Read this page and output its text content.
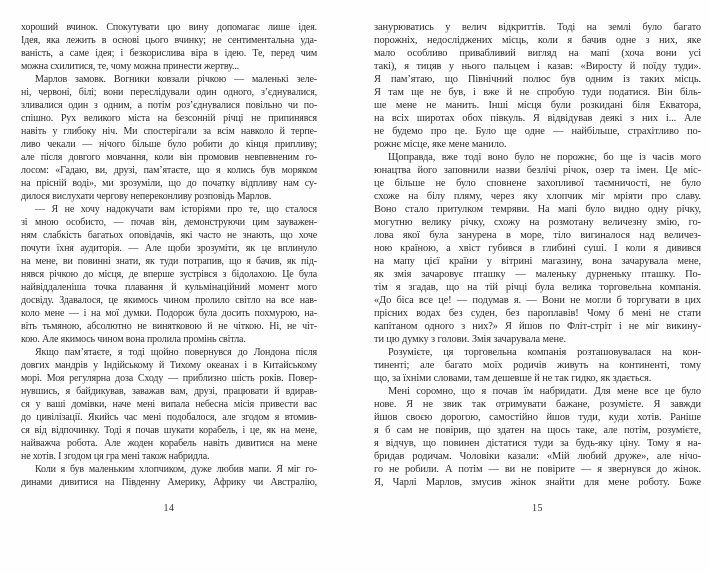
хороший вчинок. Спокутувати цю вину допомагає лише ідея.
Ідея, яка лежить в основі цього вчинку; не сентиментальна уда-
ваність, а саме ідея; і безкорислива віра в ідею. Те, перед чим
можна схилитися, те, чому можна принести жертву...
Марлов замовк. Вогники ковзали річкою — маленькі зеле-
ні, червоні, білі; вони переслідували один одного, з’єднувалися,
зливалися один з одним, а потім роз’єднувалися повільно чи по-
спішно. Рух великого міста на безсонній річці не припинявся
навіть у глибоку ніч. Ми спостерігали за всім навколо й терпе-
ливо чекали — нічого більше було робити до кінця припливу;
але після довгого мовчання, коли він промовив невпевненим го-
лосом: «Гадаю, ви, друзі, пам’ятаєте, що я колись був моряком
на прісній воді», ми зрозуміли, що до початку відпливу нам су-
дилося вислухати чергову непереконливу розповідь Марлов.
— Я не хочу надокучати вам історіями про те, що сталося
зі мною особисто, — почав він, демонструючи цим зауважен-
ням слабкість багатьох оповідачів, які часто не знають, що хоче
почути їхня аудиторія. — Але щоби зрозуміти, як це вплинуло
на мене, ви повинні знати, як туди потрапив, що я бачив, як під-
нявся річкою до місця, де вперше зустрівся з бідолахою. Це була
найвіддаленіша точка плавання й кульмінаційний момент мого
досвіду. Здавалося, це якимось чином пролило світло на все нав-
коло мене — і на мої думки. Подорож була досить похмурою, на-
віть тьмяною, абсолютно не винятковою й не чіткою. Ні, не чіт-
кою. Але якимось чином вона пролила промінь світла.
Якщо пам’ятаєте, я тоді щойно повернувся до Лондона після
довгих мандрів у Індійському й Тихому океанах і в Китайському
морі. Моя регулярна доза Сходу — приблизно шість років. Повер-
нувшись, я байдикував, заважав вам, друзі, працювати й вдирав-
ся у ваші домівки, наче мені випала небесна місія привести вас
до цивілізації. Якийсь час мені подобалося, але згодом я втомив-
ся від відпочинку. Тоді я почав шукати корабель, і це, як на мене,
найважча робота. Але жоден корабель навіть дивитися на мене
не хотів. І згодом ця гра мені також набридла.
Коли я був маленьким хлопчиком, дуже любив мапи. Я міг го-
динами дивитися на Південну Америку, Африку чи Австралію,
14
занурюватись у велич відкриттів. Тоді на землі було багато
порожніх, недосліджених місць, коли я бачив одне з них, яке
мало особливо привабливий вигляд на мапі (хоча вони усі
такі), я тицяв у нього пальцем і казав: «Виросту й поїду туди».
Я пам’ятаю, що Північний полюс був одним із таких місць.
Я там ще не був, і вже й не спробую туди податися. Він біль-
ше мене не манить. Інші місця були розкидані біля Екватора,
на всіх широтах обох півкуль. Я відвідував деякі з них і... Але
не будемо про це. Було ще одне — найбільше, страхітливо по-
рожнє місце, яке мене манило.
Щоправда, вже тоді воно було не порожнє, бо ще із часів мого
юнацтва його заповнили назви безлічі річок, озер та імен. Це міс-
це більше не було сповнене захопливої таємничості, не було
схоже на білу пляму, через яку хлопчик міг мріяти про славу.
Воно стало притулком темряви. На мапі було видно одну річку,
могутню велику річку, схожу на розмотану величезну змію, го-
лова якої була занурена в море, тіло вигиналося над величез-
ною країною, а хвіст губився в глибині суші. І коли я дивився
на мапу цієї країни у вітрині магазину, вона зачарувала мене,
як змія зачаровує пташку — маленьку дурненьку пташку. По-
тім я згадав, що на тій річці була велика торговельна компанія.
«До біса все це! — подумав я. — Вони не могли б торгувати в цих
прісних водах без суден, без пароплавів! Чому б мені не стати
капітаном одного з них?» Я йшов по Фліт-стріт і не міг викину-
ти цю думку з голови. Змія зачарувала мене.
Розумієте, ця торговельна компанія розташовувалася на кон-
тиненті; але багато моїх родичів живуть на континенті, тому
що, за їхніми словами, там дешевше й не так гидко, як здається.
Мені соромно, що я почав їм набридати. Для мене все це було
нове. Я не звик так отримувати бажане, розумієте. Я завжди
йшов своєю дорогою, самостійно йшов туди, куди хотів. Раніше
я б сам не повірив, що здатен на щось таке, але потім, розумієте,
я відчув, що повинен дістатися туди за будь-яку ціну. Тому я на-
бридав родичам. Чоловіки казали: «Мій любий друже», але нічо-
го не робили. А потім — ви не повірите — я звернувся до жінок.
Я, Чарлі Марлов, змусив жінок знайти для мене роботу. Боже
15
